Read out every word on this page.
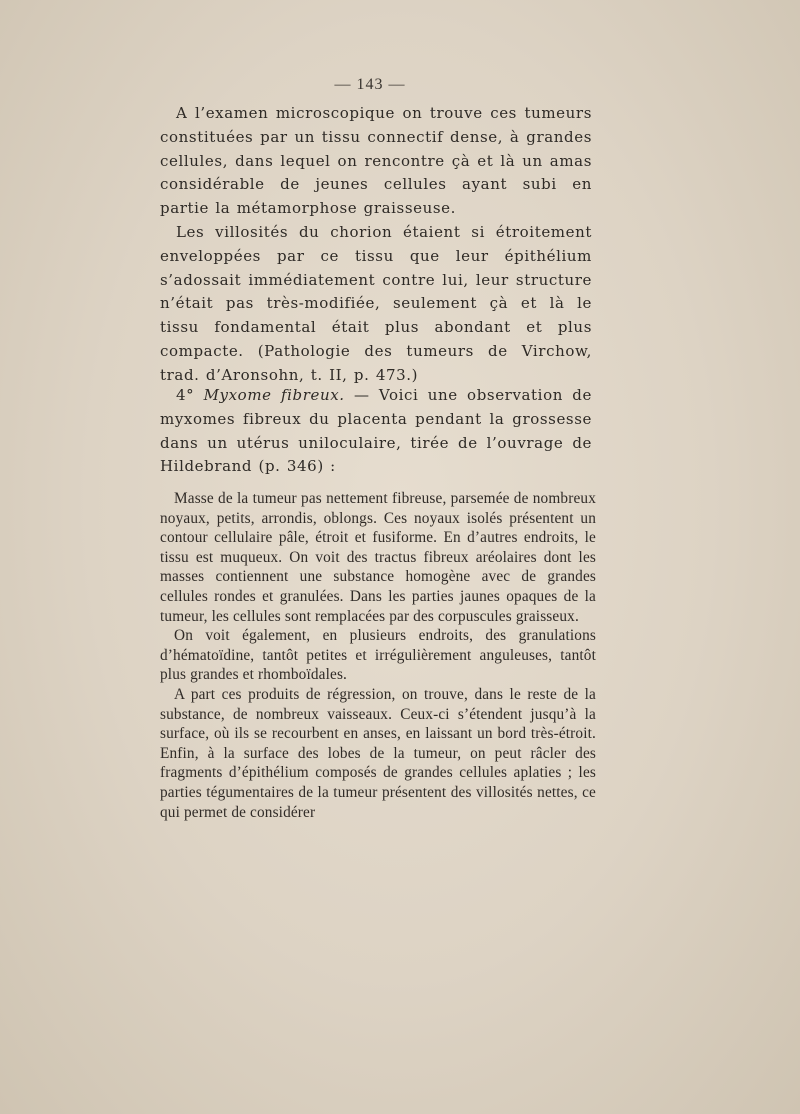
— 143 —

A l’examen microscopique on trouve ces tumeurs constituées par un tissu connectif dense, à grandes cellules, dans lequel on rencontre çà et là un amas considérable de jeunes cellules ayant subi en partie la métamorphose graisseuse.

Les villosités du chorion étaient si étroitement enveloppées par ce tissu que leur épithélium s’adossait immédiatement contre lui, leur structure n’était pas très-modifiée, seulement çà et là le tissu fondamental était plus abondant et plus compacte. (Pathologie des tumeurs de Virchow, trad. d’Aronsohn, t. II, p. 473.)

4° Myxome fibreux. — Voici une observation de myxomes fibreux du placenta pendant la grossesse dans un utérus uniloculaire, tirée de l’ouvrage de Hildebrand (p. 346) :

Masse de la tumeur pas nettement fibreuse, parsemée de nombreux noyaux, petits, arrondis, oblongs. Ces noyaux isolés présentent un contour cellulaire pâle, étroit et fusiforme. En d’autres endroits, le tissu est muqueux. On voit des tractus fibreux aréolaires dont les masses contiennent une substance homogène avec de grandes cellules rondes et granulées. Dans les parties jaunes opaques de la tumeur, les cellules sont remplacées par des corpuscules graisseux.

On voit également, en plusieurs endroits, des granulations d’hématoïdine, tantôt petites et irrégulièrement anguleuses, tantôt plus grandes et rhomboïdales.

A part ces produits de régression, on trouve, dans le reste de la substance, de nombreux vaisseaux. Ceux-ci s’étendent jusqu’à la surface, où ils se recourbent en anses, en laissant un bord très-étroit. Enfin, à la surface des lobes de la tumeur, on peut râcler des fragments d’épithélium composés de grandes cellules aplaties ; les parties tégumentaires de la tumeur présentent des villosités nettes, ce qui permet de considérer
